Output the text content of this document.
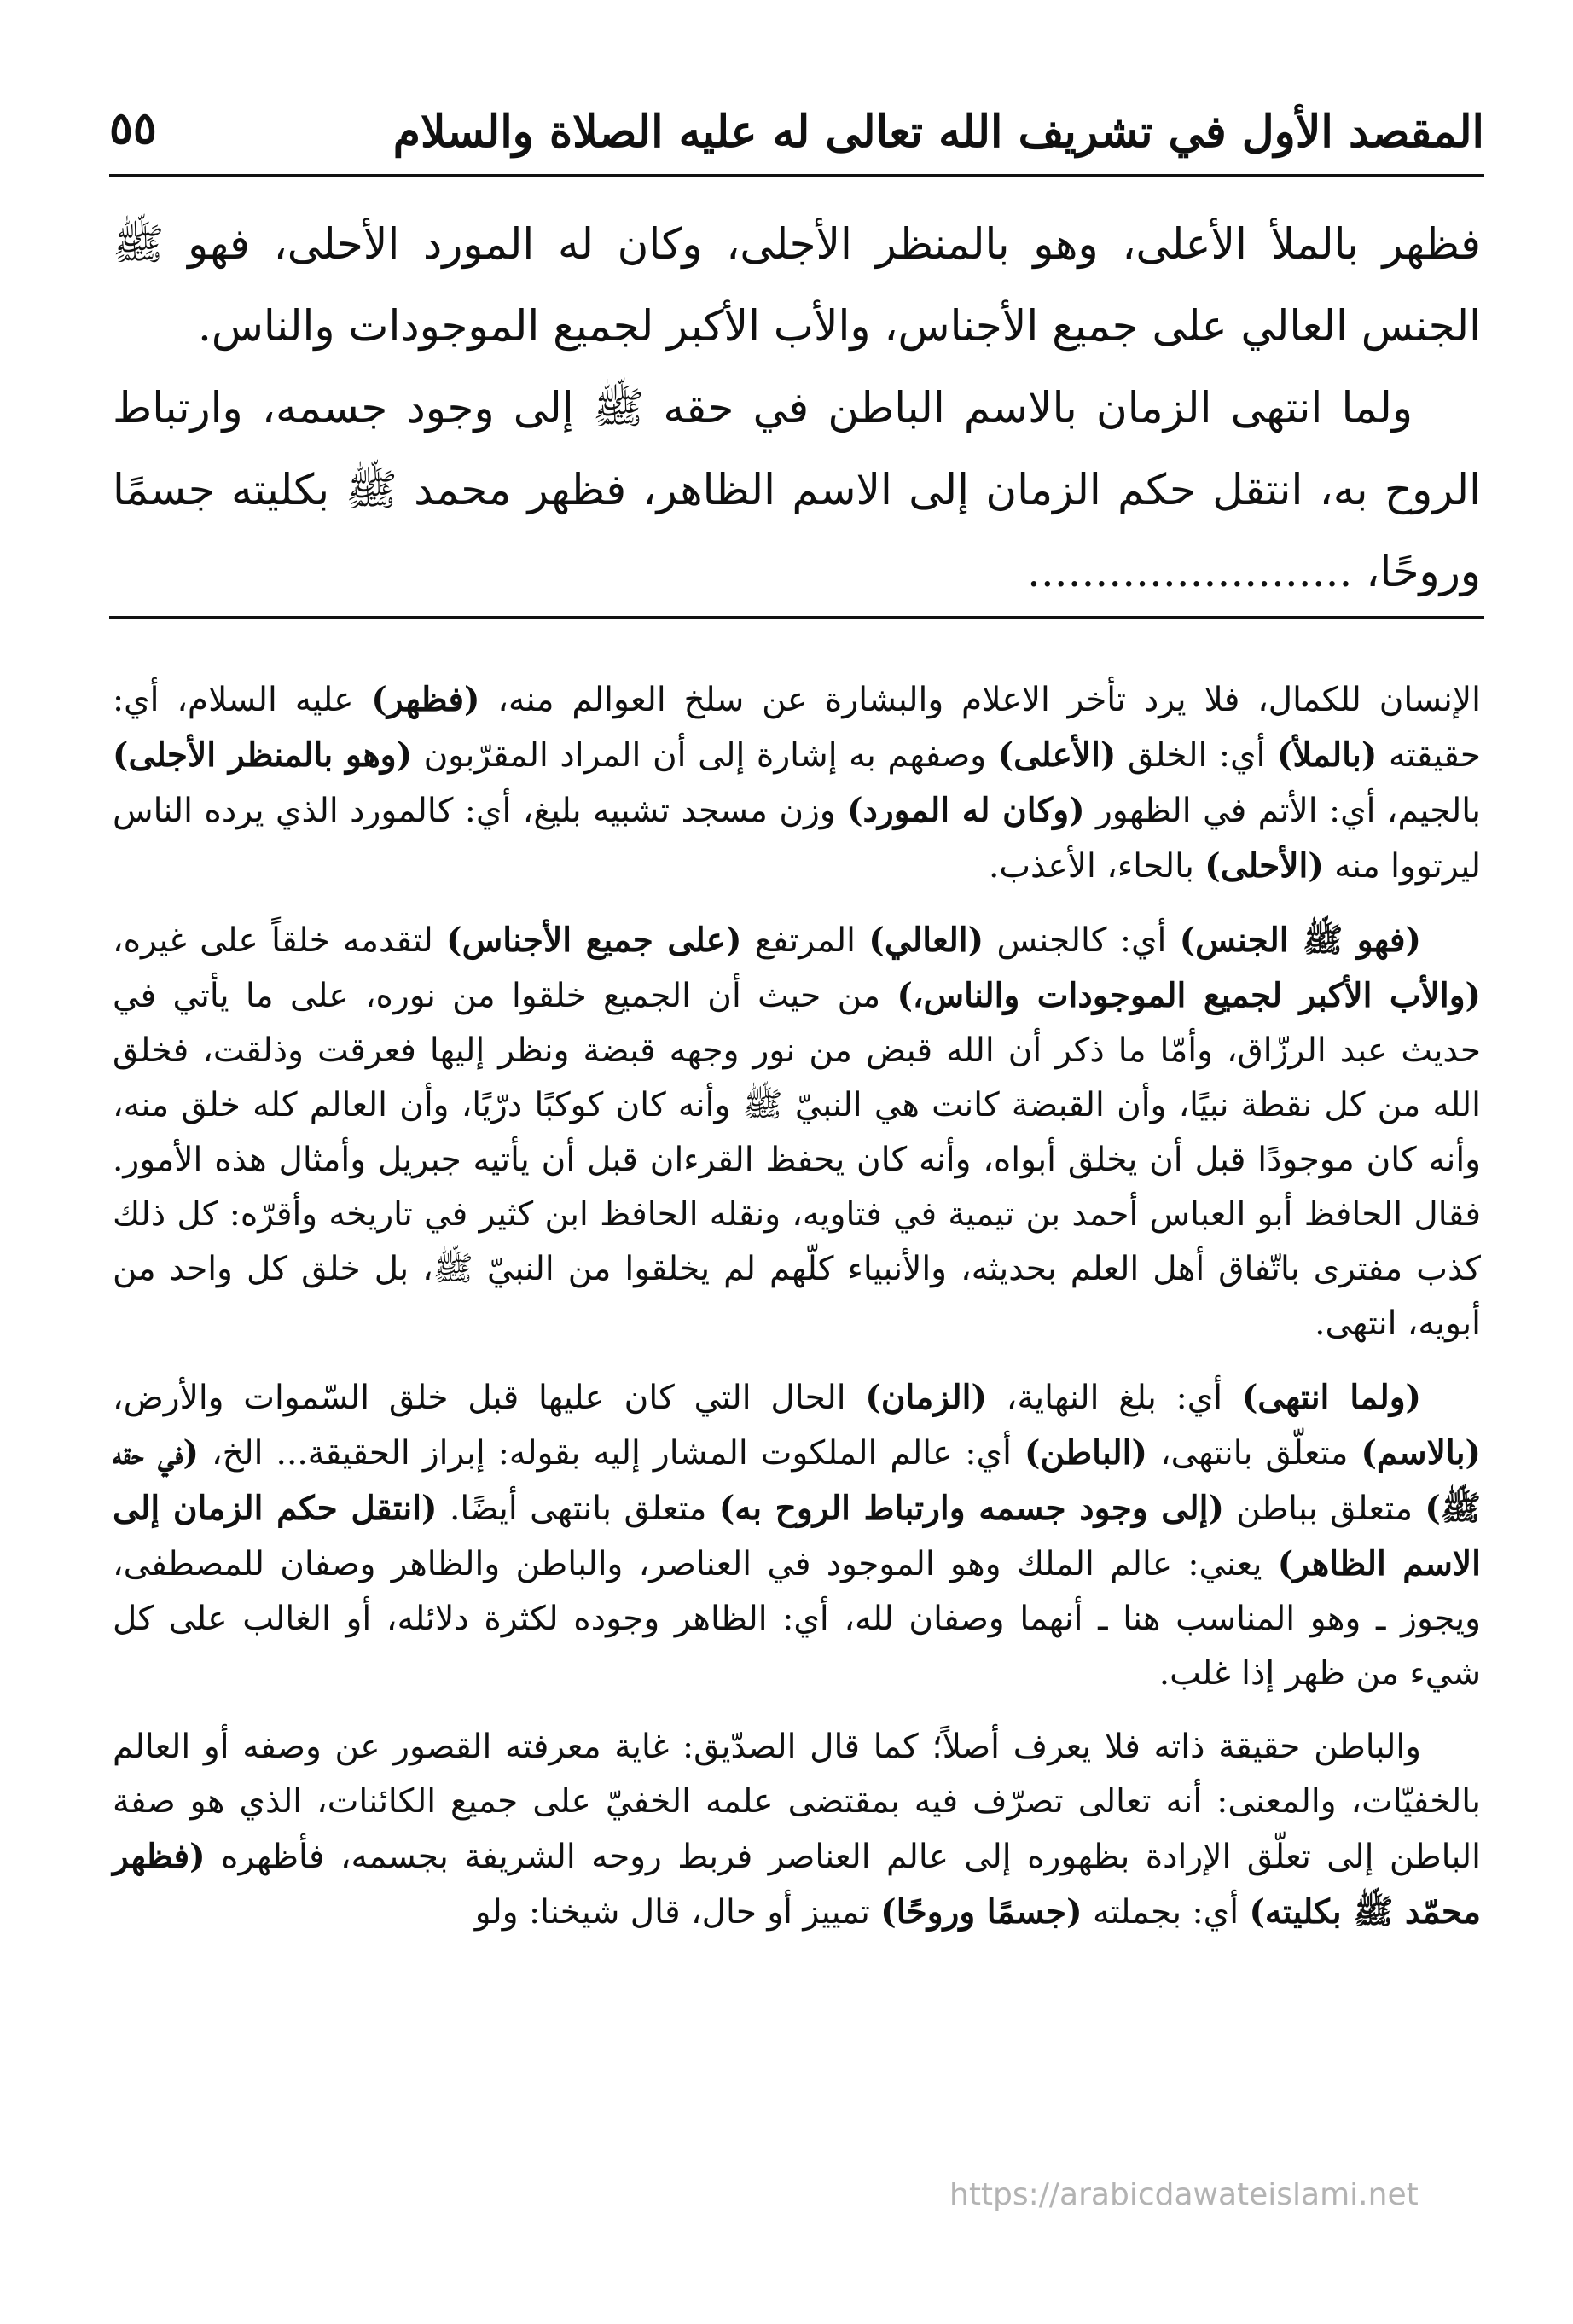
المقصد الأول في تشريف الله تعالى له عليه الصلاة والسلام
٥٥

فظهر بالملأ الأعلى، وهو بالمنظر الأجلى، وكان له المورد الأحلى، فهو ﷺ الجنس العالي على جميع الأجناس، والأب الأكبر لجميع الموجودات والناس.

ولما انتهى الزمان بالاسم الباطن في حقه ﷺ إلى وجود جسمه، وارتباط الروح به، انتقل حكم الزمان إلى الاسم الظاهر، فظهر محمد ﷺ بكليته جسمًا وروحًا، ........................

الإنسان للكمال، فلا يرد تأخر الاعلام والبشارة عن سلخ العوالم منه، (فظهر) عليه السلام، أي: حقيقته (بالملأ) أي: الخلق (الأعلى) وصفهم به إشارة إلى أن المراد المقرّبون (وهو بالمنظر الأجلى) بالجيم، أي: الأتم في الظهور (وكان له المورد) وزن مسجد تشبيه بليغ، أي: كالمورد الذي يرده الناس ليرتووا منه (الأحلى) بالحاء، الأعذب.

(فهو ﷺ الجنس) أي: كالجنس (العالي) المرتفع (على جميع الأجناس) لتقدمه خلقاً على غيره، (والأب الأكبر لجميع الموجودات والناس،) من حيث أن الجميع خلقوا من نوره، على ما يأتي في حديث عبد الرزّاق، وأمّا ما ذكر أن الله قبض من نور وجهه قبضة ونظر إليها فعرقت وذلقت، فخلق الله من كل نقطة نبيًا، وأن القبضة كانت هي النبيّ ﷺ وأنه كان كوكبًا درّيًا، وأن العالم كله خلق منه، وأنه كان موجودًا قبل أن يخلق أبواه، وأنه كان يحفظ القرءان قبل أن يأتيه جبريل وأمثال هذه الأمور. فقال الحافظ أبو العباس أحمد بن تيمية في فتاويه، ونقله الحافظ ابن كثير في تاريخه وأقرّه: كل ذلك كذب مفترى باتّفاق أهل العلم بحديثه، والأنبياء كلّهم لم يخلقوا من النبيّ ﷺ، بل خلق كل واحد من أبويه، انتهى.

(ولما انتهى) أي: بلغ النهاية، (الزمان) الحال التي كان عليها قبل خلق السّموات والأرض، (بالاسم) متعلّق بانتهى، (الباطن) أي: عالم الملكوت المشار إليه بقوله: إبراز الحقيقة... الخ، (في حقه ﷺ) متعلق بباطن (إلى وجود جسمه وارتباط الروح به) متعلق بانتهى أيضًا. (انتقل حكم الزمان إلى الاسم الظاهر) يعني: عالم الملك وهو الموجود في العناصر، والباطن والظاهر وصفان للمصطفى، ويجوز ـ وهو المناسب هنا ـ أنهما وصفان لله، أي: الظاهر وجوده لكثرة دلائله، أو الغالب على كل شيء من ظهر إذا غلب.

والباطن حقيقة ذاته فلا يعرف أصلاً؛ كما قال الصدّيق: غاية معرفته القصور عن وصفه أو العالم بالخفيّات، والمعنى: أنه تعالى تصرّف فيه بمقتضى علمه الخفيّ على جميع الكائنات، الذي هو صفة الباطن إلى تعلّق الإرادة بظهوره إلى عالم العناصر فربط روحه الشريفة بجسمه، فأظهره (فظهر محمّد ﷺ بكليته) أي: بجملته (جسمًا وروحًا) تمييز أو حال، قال شيخنا: ولو

https://arabicdawateislami.net
